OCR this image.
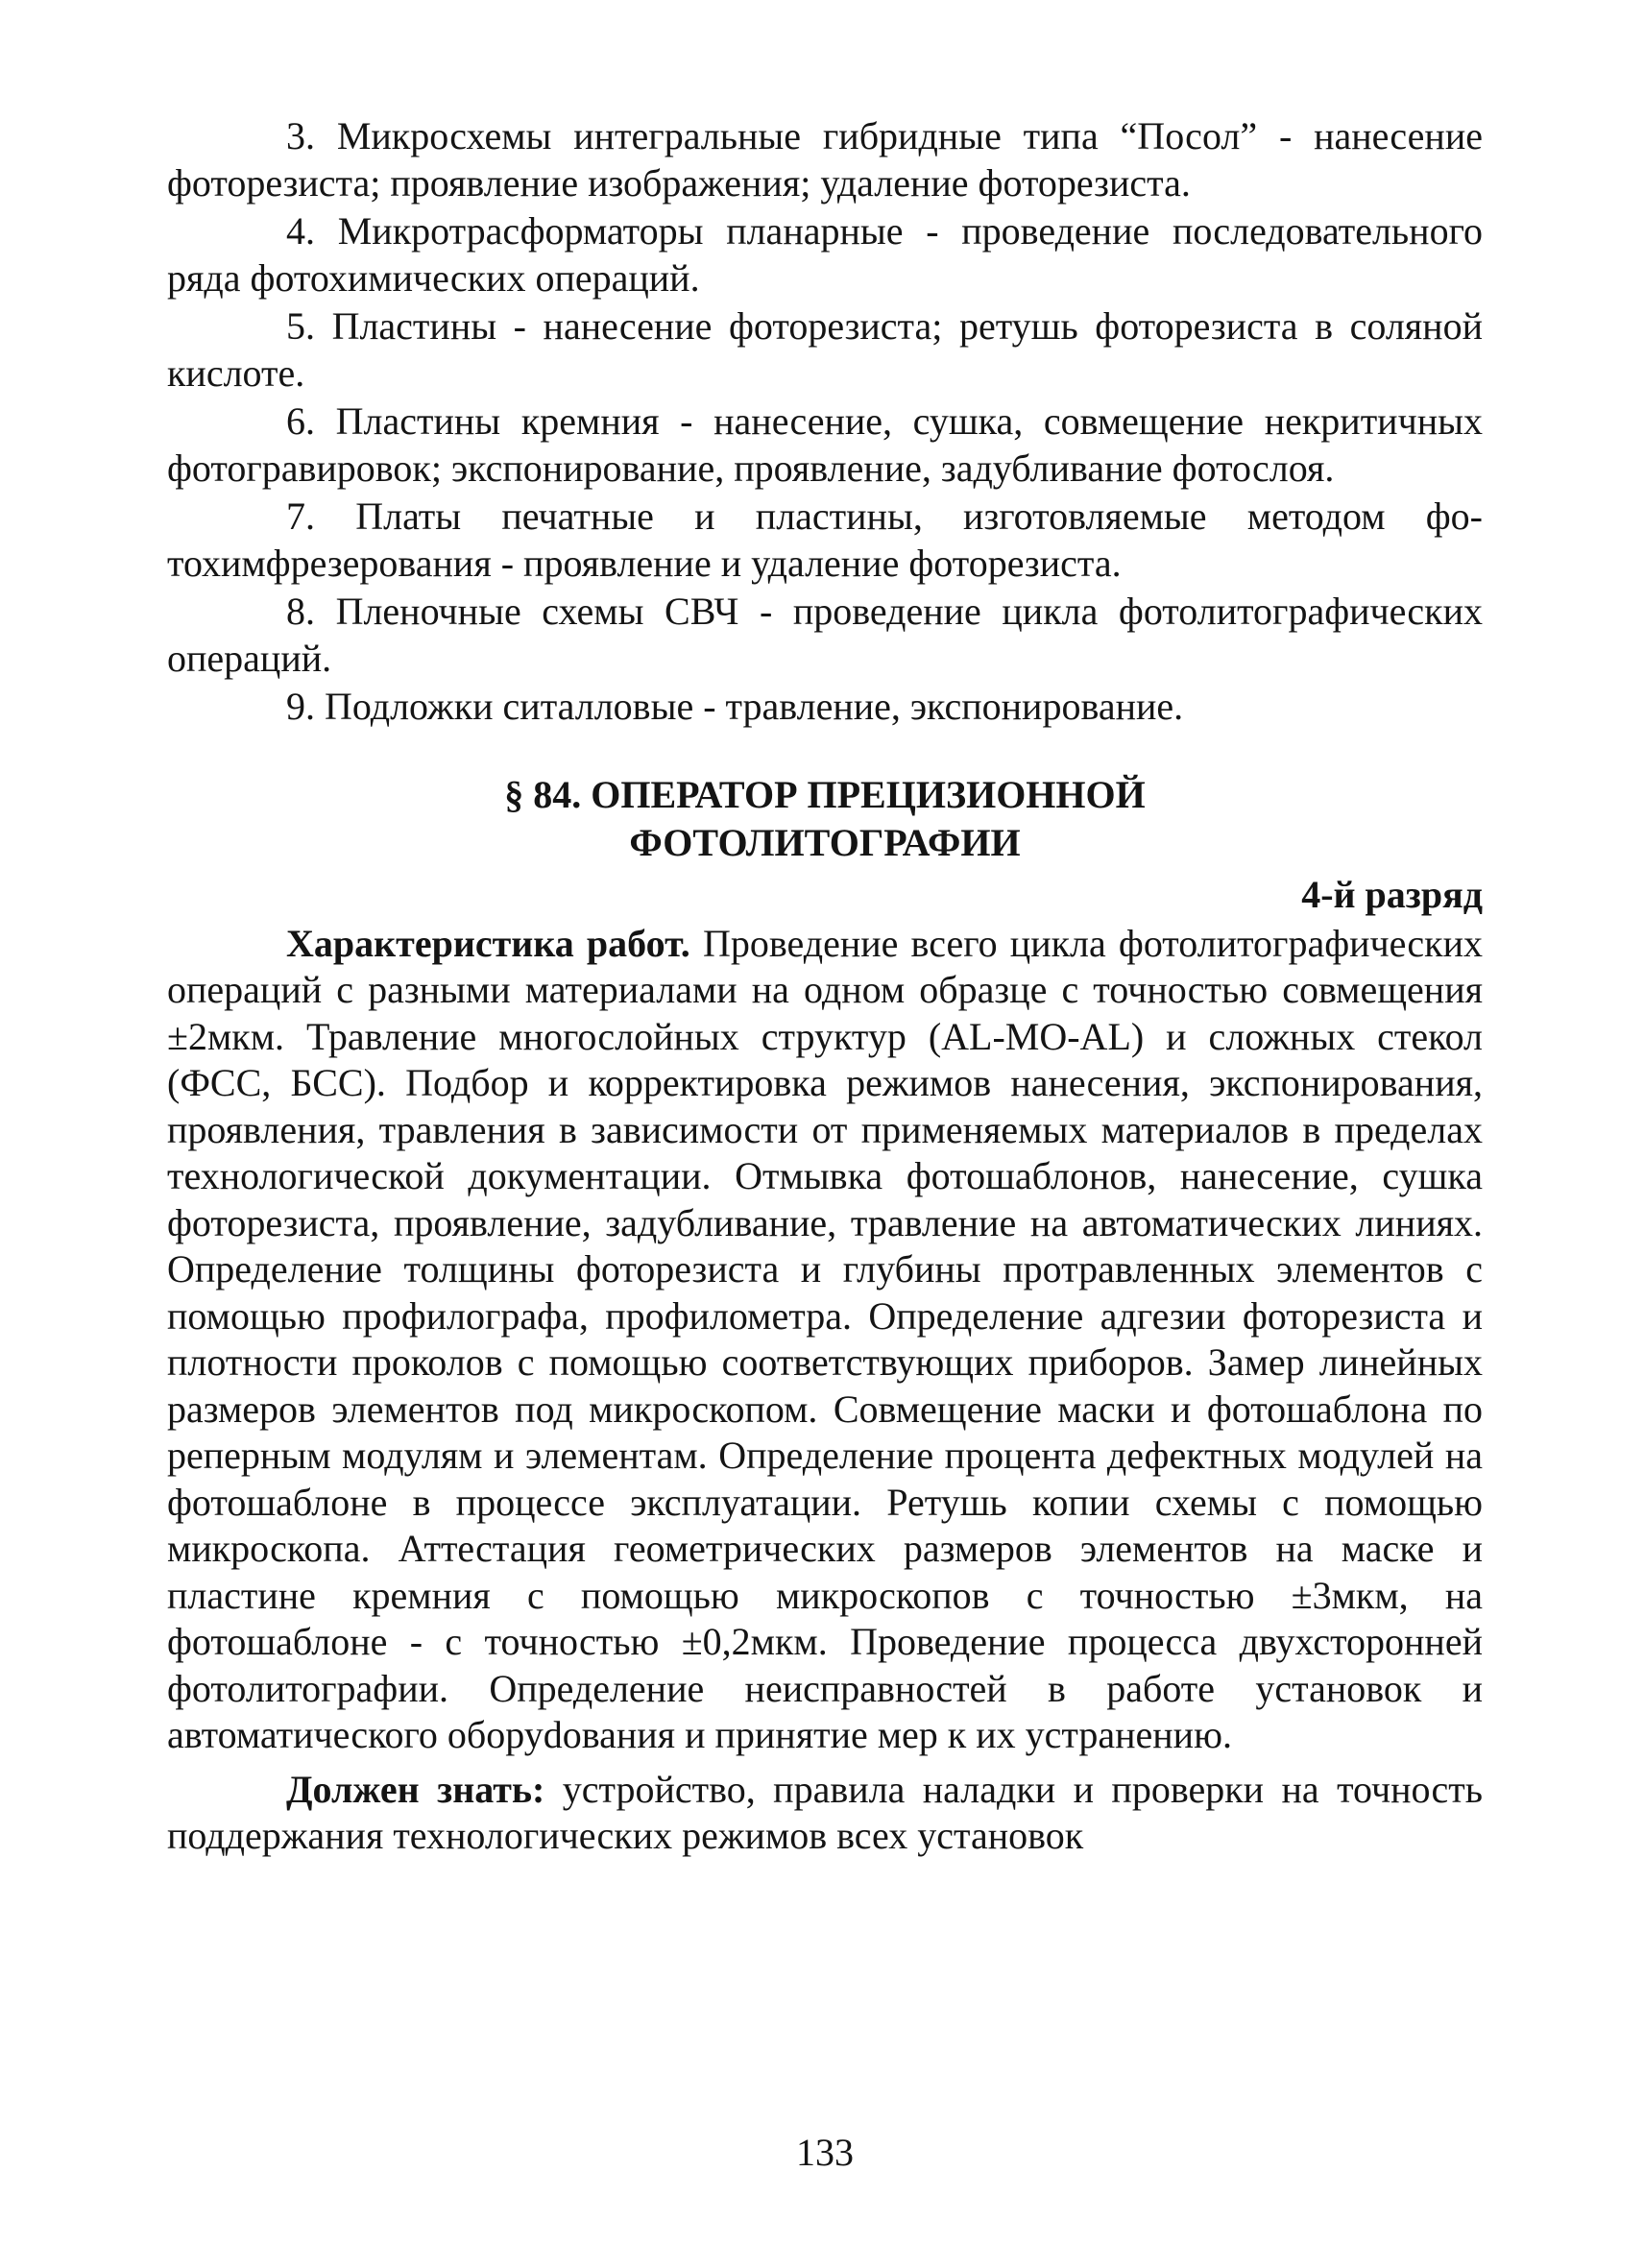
3. Микросхемы интегральные гибридные типа “Посол” - нанесение фоторезиста; проявление изображения; удаление фоторезиста.

4. Микротрасформаторы планарные - проведение последовательного ряда фотохимических операций.

5. Пластины - нанесение фоторезиста; ретушь фоторезиста в соляной кислоте.

6. Пластины кремния - нанесение, сушка, совмещение некритичных фотогравировок; экспонирование, проявление, задубливание фотослоя.

7. Платы печатные и пластины, изготовляемые методом фотохимфрезерования - проявление и удаление фоторезиста.

8. Пленочные схемы СВЧ - проведение цикла фотолитографических операций.

9. Подложки ситалловые - травление, экспонирование.

§ 84. ОПЕРАТОР ПРЕЦИЗИОННОЙ
ФОТОЛИТОГРАФИИ

4-й разряд

Характеристика работ. Проведение всего цикла фотолитографических операций с разными материалами на одном образце с точностью совмещения ±2мкм. Травление многослойных структур (AL-MO-AL) и сложных стекол (ФСС, БСС). Подбор и корректировка режимов нанесения, экспонирования, проявления, травления в зависимости от применяемых материалов в пределах технологической документации. Отмывка фотошаблонов, нанесение, сушка фоторезиста, проявление, задубливание, травление на автоматических линиях. Определение толщины фоторезиста и глубины протравленных элементов с помощью профилографа, профилометра. Определение адгезии фоторезиста и плотности проколов с помощью соответствующих приборов. Замер линейных размеров элементов под микроскопом. Совмещение маски и фотошаблона по реперным модулям и элементам. Определение процента дефектных модулей на фотошаблоне в процессе эксплуатации. Ретушь копии схемы с помощью микроскопа. Аттестация геометрических размеров элементов на маске и пластине кремния с помощью микроскопов с точностью ±3мкм, на фотошаблоне - с точностью ±0,2мкм. Проведение процесса двухсторонней фотолитографии. Определение неисправностей в работе установок и автоматического оборуdования и принятие мер к их устранению.

Должен знать: устройство, правила наладки и проверки на точность поддержания технологических режимов всех установок

133
